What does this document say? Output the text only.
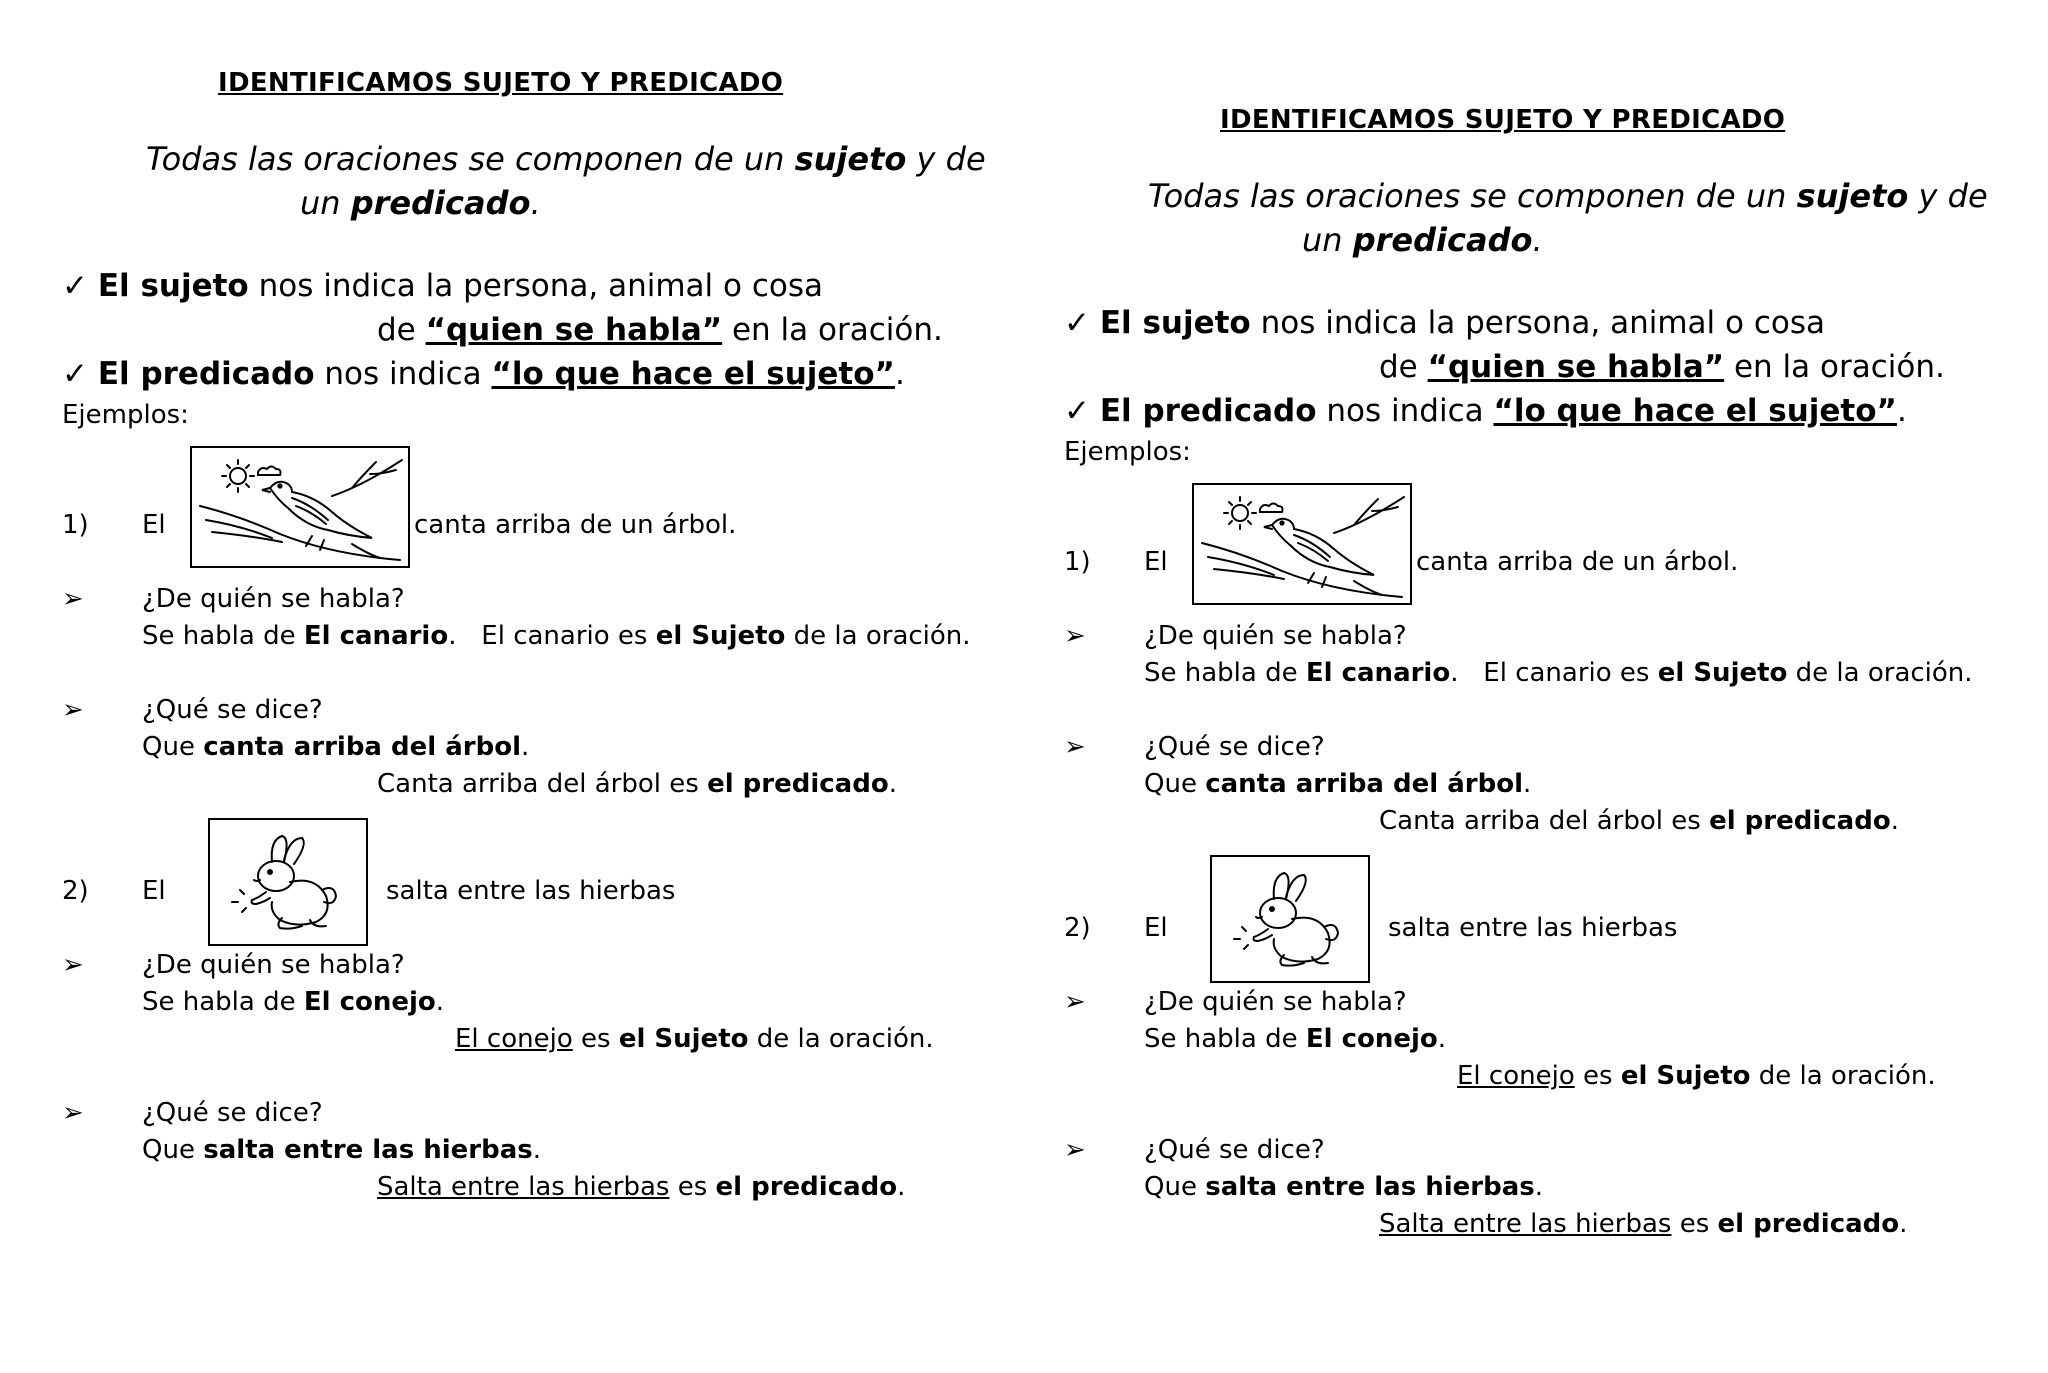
IDENTIFICAMOS SUJETO Y PREDICADO
Todas las oraciones se componen de un sujeto y de
un predicado.
✓ El sujeto nos indica la persona, animal o cosa
de “quien se habla” en la oración.
✓ El predicado nos indica “lo que hace el sujeto”.
Ejemplos:
1) El	canta arriba de un árbol.
➢ ¿De quién se habla?
Se habla de El canario.   El canario es el Sujeto de la oración.
➢ ¿Qué se dice?
Que canta arriba del árbol.
Canta arriba del árbol es el predicado.
2) El	salta entre las hierbas
➢ ¿De quién se habla?
Se habla de El conejo.
El conejo es el Sujeto de la oración.
➢ ¿Qué se dice?
Que salta entre las hierbas.
Salta entre las hierbas es el predicado.
IDENTIFICAMOS SUJETO Y PREDICADO
Todas las oraciones se componen de un sujeto y de
un predicado.
✓ El sujeto nos indica la persona, animal o cosa
de “quien se habla” en la oración.
✓ El predicado nos indica “lo que hace el sujeto”.
Ejemplos:
1) El	canta arriba de un árbol.
➢ ¿De quién se habla?
Se habla de El canario.   El canario es el Sujeto de la oración.
➢ ¿Qué se dice?
Que canta arriba del árbol.
Canta arriba del árbol es el predicado.
2) El	salta entre las hierbas
➢ ¿De quién se habla?
Se habla de El conejo.
El conejo es el Sujeto de la oración.
➢ ¿Qué se dice?
Que salta entre las hierbas.
Salta entre las hierbas es el predicado.
